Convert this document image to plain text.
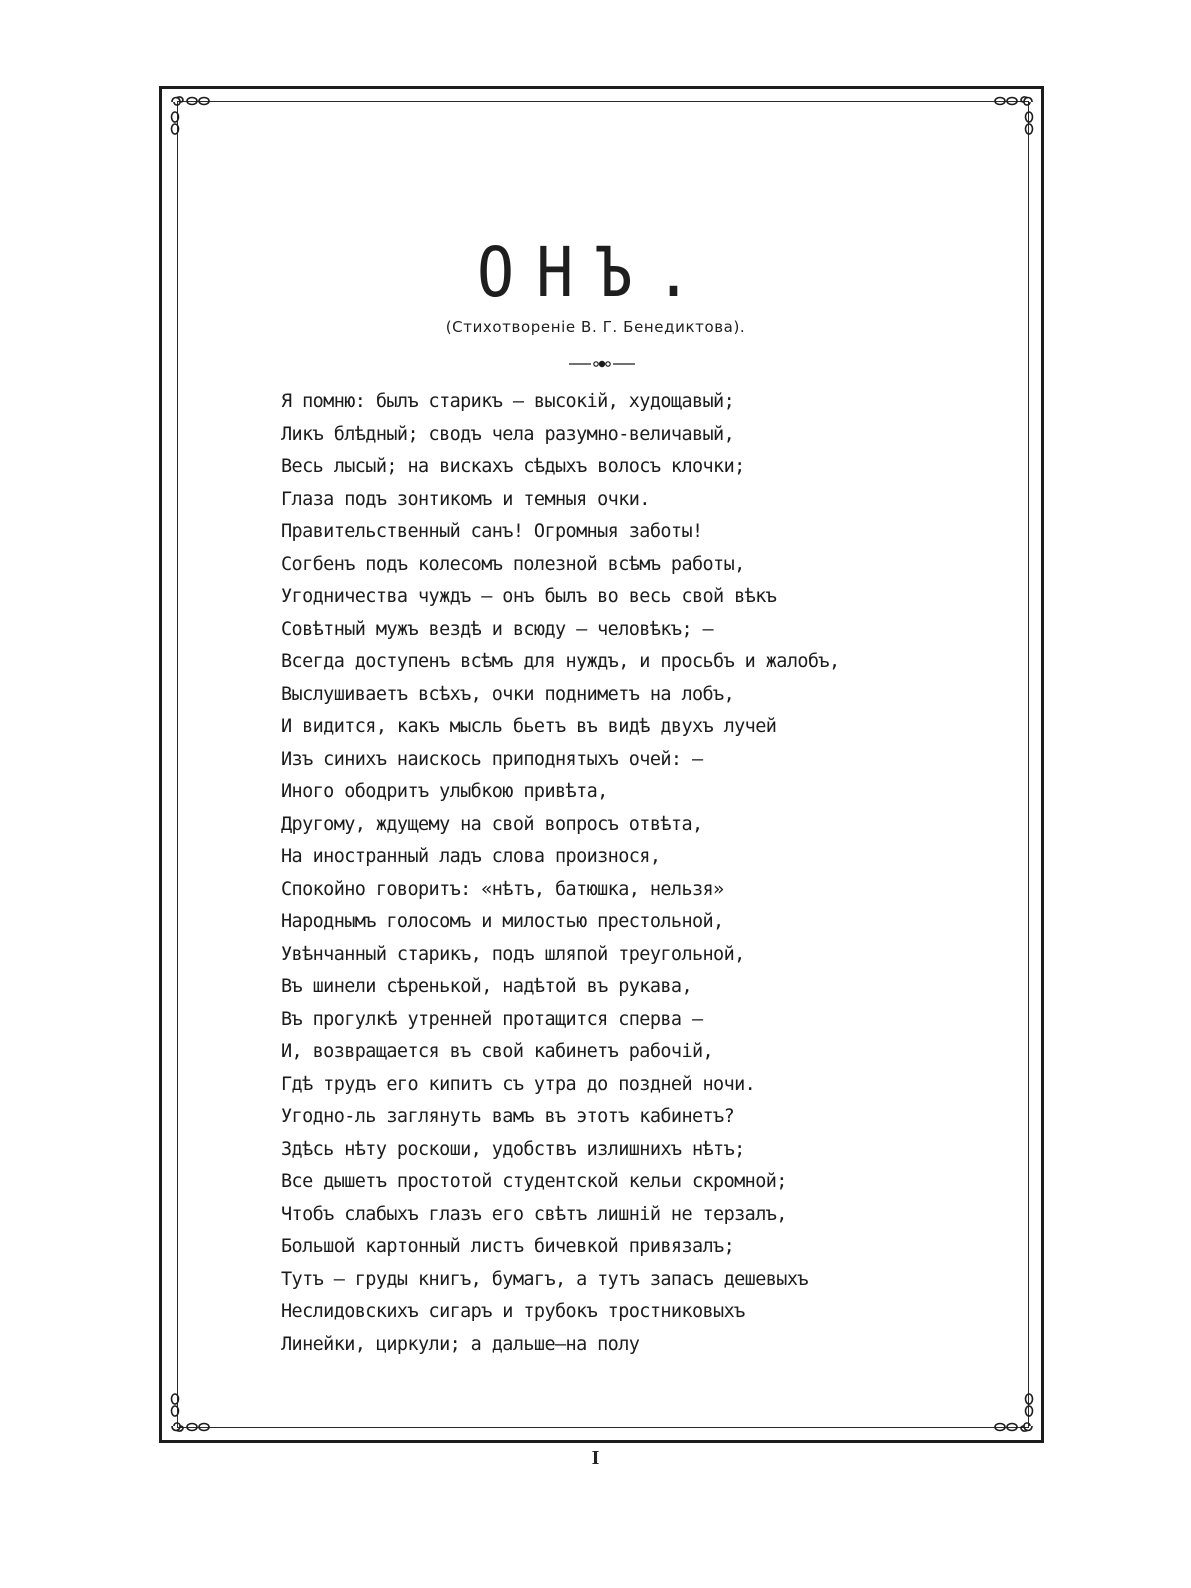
ОНЪ.
(Стихотвореніе В. Г. Бенедиктова).
Я помню: былъ старикъ — высокій, худощавый;
Ликъ блѣдный; сводъ чела разумно-величавый,
Весь лысый; на вискахъ сѣдыхъ волосъ клочки;
Глаза подъ зонтикомъ и темныя очки.
Правительственный санъ! Огромныя заботы!
Согбенъ подъ колесомъ полезной всѣмъ работы,
Угодничества чуждъ — онъ былъ во весь свой вѣкъ
Совѣтный мужъ вездѣ и всюду — человѣкъ; —
Всегда доступенъ всѣмъ для нуждъ, и просьбъ и жалобъ,
Выслушиваетъ всѣхъ, очки подниметъ на лобъ,
И видится, какъ мысль бьетъ въ видѣ двухъ лучей
Изъ синихъ наискось приподнятыхъ очей: —
Иного ободритъ улыбкою привѣта,
Другому, ждущему на свой вопросъ отвѣта,
На иностранный ладъ слова произнося,
Спокойно говоритъ: «нѣтъ, батюшка, нельзя»
Народнымъ голосомъ и милостью престольной,
Увѣнчанный старикъ, подъ шляпой треугольной,
Въ шинели сѣренькой, надѣтой въ рукава,
Въ прогулкѣ утренней протащится сперва —
И, возвращается въ свой кабинетъ рабочій,
Гдѣ трудъ его кипитъ съ утра до поздней ночи.
Угодно-ль заглянуть вамъ въ этотъ кабинетъ?
Здѣсь нѣту роскоши, удобствъ излишнихъ нѣтъ;
Все дышетъ простотой студентской кельи скромной;
Чтобъ слабыхъ глазъ его свѣтъ лишній не терзалъ,
Большой картонный листъ бичевкой привязалъ;
Тутъ — груды книгъ, бумагъ, а тутъ запасъ дешевыхъ
Неслидовскихъ сигаръ и трубокъ тростниковыхъ
Линейки, циркули; а дальше—на полу
I
